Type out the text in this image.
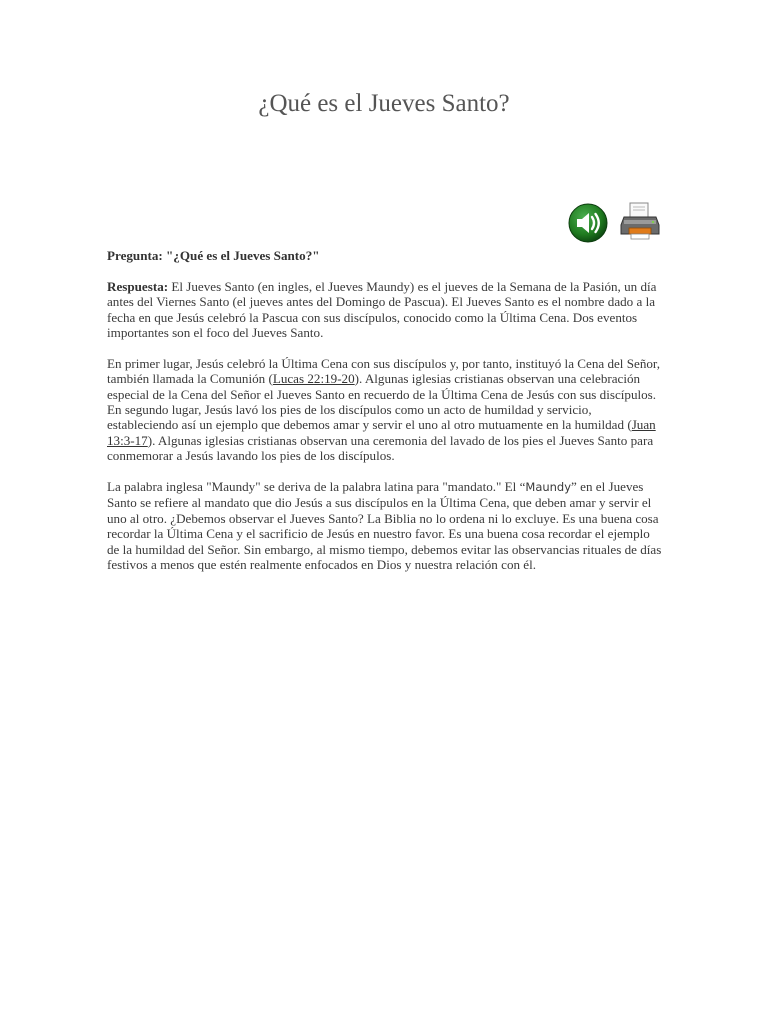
¿Qué es el Jueves Santo?

Pregunta: "¿Qué es el Jueves Santo?"

Respuesta: El Jueves Santo (en ingles, el Jueves Maundy) es el jueves de la Semana de la Pasión, un día antes del Viernes Santo (el jueves antes del Domingo de Pascua). El Jueves Santo es el nombre dado a la fecha en que Jesús celebró la Pascua con sus discípulos, conocido como la Última Cena. Dos eventos importantes son el foco del Jueves Santo.

En primer lugar, Jesús celebró la Última Cena con sus discípulos y, por tanto, instituyó la Cena del Señor, también llamada la Comunión (Lucas 22:19-20). Algunas iglesias cristianas observan una celebración especial de la Cena del Señor el Jueves Santo en recuerdo de la Última Cena de Jesús con sus discípulos. En segundo lugar, Jesús lavó los pies de los discípulos como un acto de humildad y servicio, estableciendo así un ejemplo que debemos amar y servir el uno al otro mutuamente en la humildad (Juan 13:3-17). Algunas iglesias cristianas observan una ceremonia del lavado de los pies el Jueves Santo para conmemorar a Jesús lavando los pies de los discípulos.

La palabra inglesa "Maundy" se deriva de la palabra latina para "mandato." El “Maundy” en el Jueves Santo se refiere al mandato que dio Jesús a sus discípulos en la Última Cena, que deben amar y servir el uno al otro. ¿Debemos observar el Jueves Santo? La Biblia no lo ordena ni lo excluye. Es una buena cosa recordar la Última Cena y el sacrificio de Jesús en nuestro favor. Es una buena cosa recordar el ejemplo de la humildad del Señor. Sin embargo, al mismo tiempo, debemos evitar las observancias rituales de días festivos a menos que estén realmente enfocados en Dios y nuestra relación con él.
